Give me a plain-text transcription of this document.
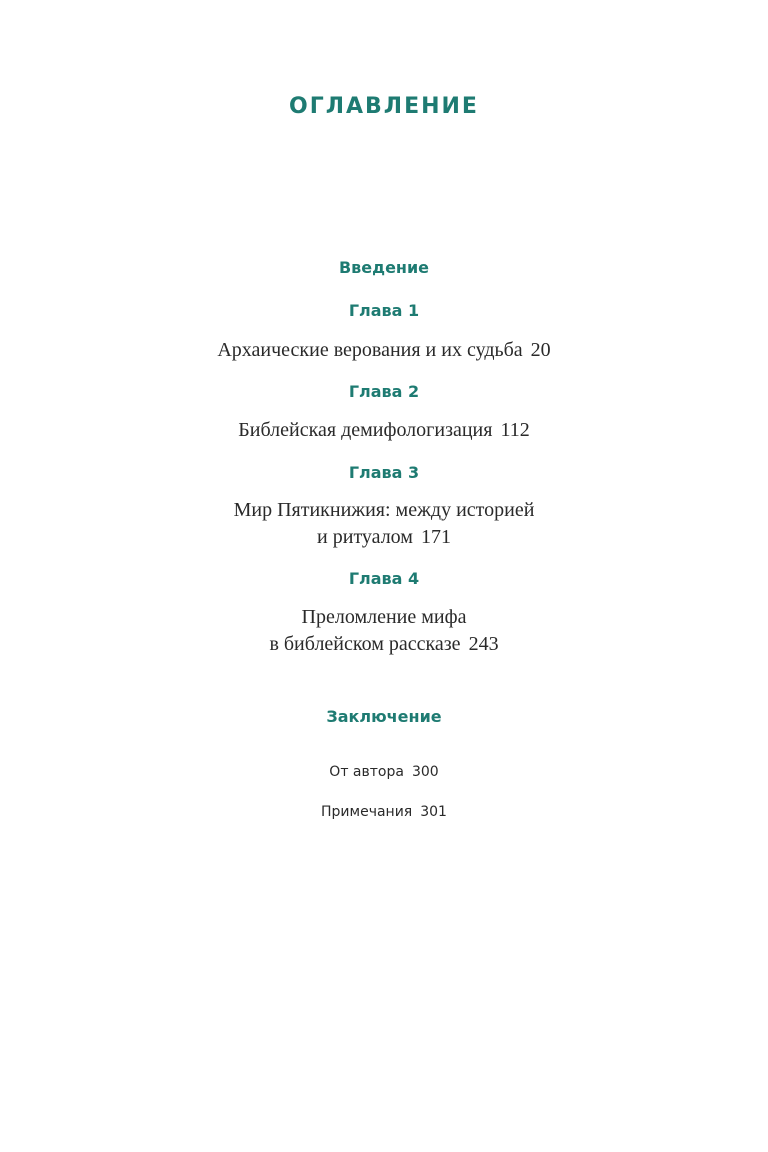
ОГЛАВЛЕНИЕ
Введение
Глава 1
Архаические верования и их судьба 20
Глава 2
Библейская демифологизация 112
Глава 3
Мир Пятикнижия: между историей
и ритуалом 171
Глава 4
Преломление мифа
в библейском рассказе 243
Заключение
От автора 300
Примечания 301
